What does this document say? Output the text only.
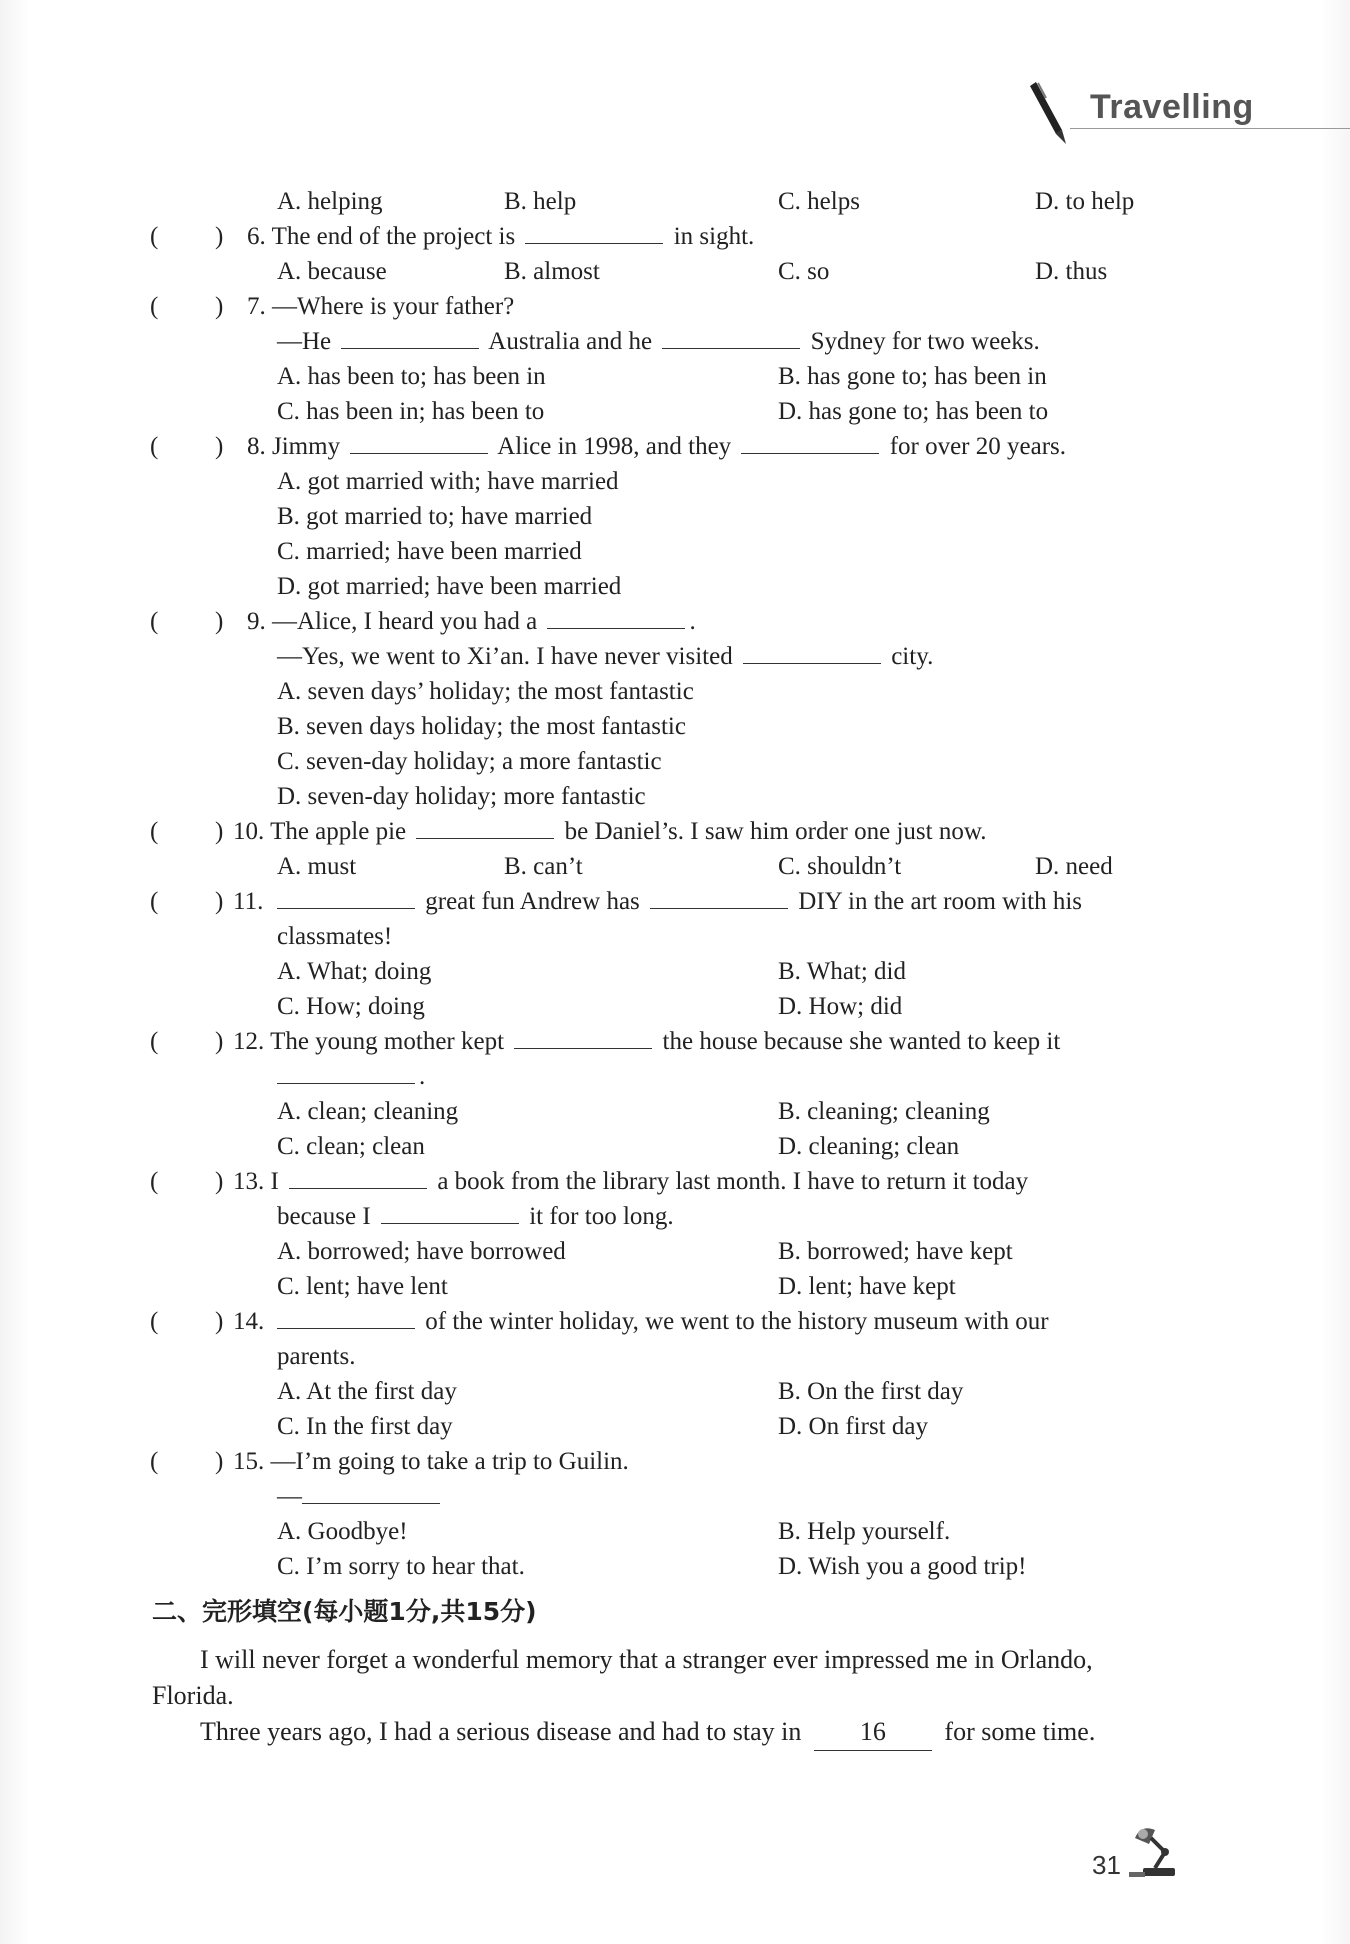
Travelling
A. helping	B. help	C. helps	D. to help
( ) 6. The end of the project is	in sight.
A. because	B. almost	C. so	D. thus
( ) 7. —Where is your father?
—He	Australia and he	Sydney for two weeks.
A. has been to; has been in	B. has gone to; has been in
C. has been in; has been to	D. has gone to; has been to
( ) 8. Jimmy	Alice in 1998, and they	for over 20 years.
A. got married with; have married
B. got married to; have married
C. married; have been married
D. got married; have been married
( ) 9. —Alice, I heard you had a	.
—Yes, we went to Xi’an. I have never visited	city.
A. seven days’ holiday; the most fantastic
B. seven days holiday; the most fantastic
C. seven-day holiday; a more fantastic
D. seven-day holiday; more fantastic
( ) 10. The apple pie	be Daniel’s. I saw him order one just now.
A. must	B. can’t	C. shouldn’t	D. need
( ) 11.	great fun Andrew has	DIY in the art room with his
classmates!
A. What; doing	B. What; did
C. How; doing	D. How; did
( ) 12. The young mother kept	the house because she wanted to keep it
.
A. clean; cleaning	B. cleaning; cleaning
C. clean; clean	D. cleaning; clean
( ) 13. I	a book from the library last month. I have to return it today
because I	it for too long.
A. borrowed; have borrowed	B. borrowed; have kept
C. lent; have lent	D. lent; have kept
( ) 14.	of the winter holiday, we went to the history museum with our
parents.
A. At the first day	B. On the first day
C. In the first day	D. On first day
( ) 15. —I’m going to take a trip to Guilin.
—
A. Goodbye!	B. Help yourself.
C. I’m sorry to hear that.	D. Wish you a good trip!
二、完形填空(每小题1分,共15分)
I will never forget a wonderful memory that a stranger ever impressed me in Orlando, Florida.
Three years ago, I had a serious disease and had to stay in 16 for some time.
31
